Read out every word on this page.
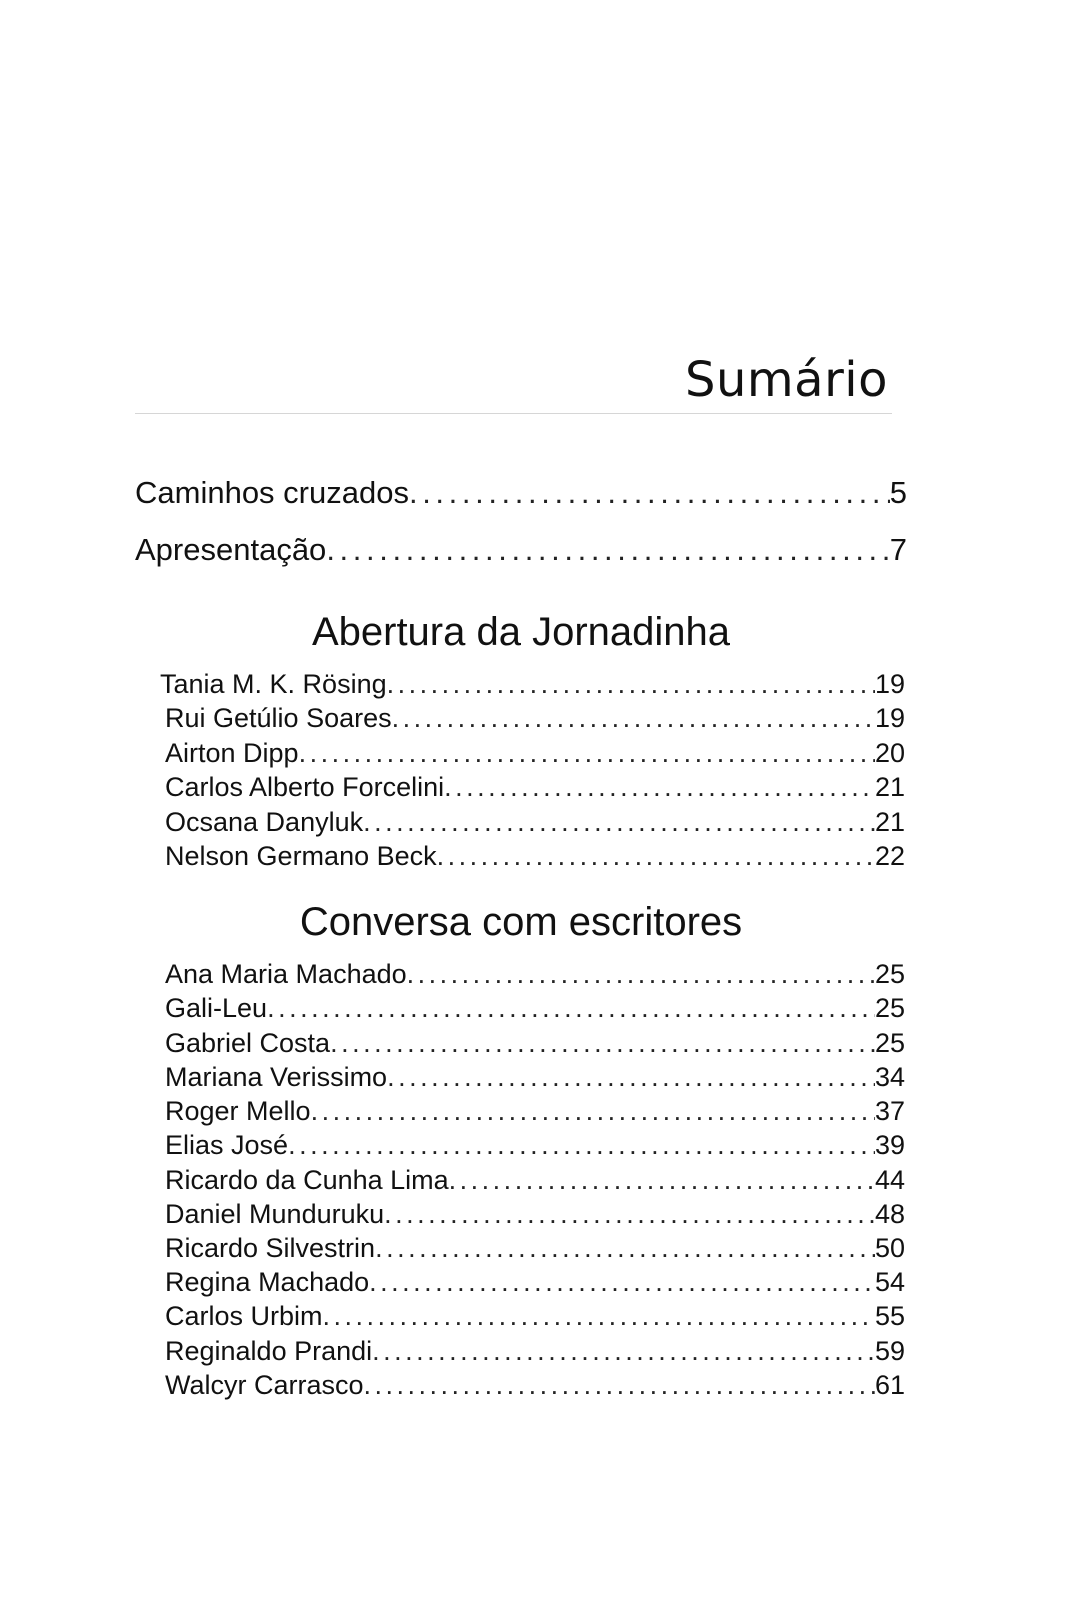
Sumário
Caminhos cruzados . . .	5
Apresentação . . .	7
Abertura da Jornadinha
Tania M. K. Rösing . . .	19
Rui Getúlio Soares . . .	19
Airton Dipp . . .	20
Carlos Alberto Forcelini . . .	21
Ocsana Danyluk . . .	21
Nelson Germano Beck . . .	22
Conversa com escritores
Ana Maria Machado . . .	25
Gali-Leu . . .	25
Gabriel Costa . . .	25
Mariana Verissimo . . .	34
Roger Mello . . .	37
Elias José . . .	39
Ricardo da Cunha Lima . . .	44
Daniel Munduruku . . .	48
Ricardo Silvestrin . . .	50
Regina Machado . . .	54
Carlos Urbim . . .	55
Reginaldo Prandi . . .	59
Walcyr Carrasco . . .	61
